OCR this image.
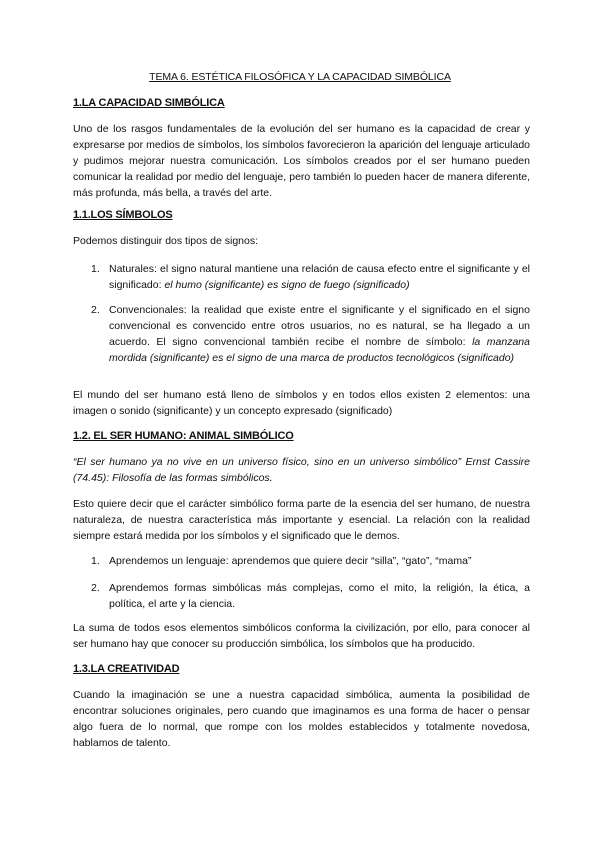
TEMA 6. ESTÉTICA FILOSÓFICA Y LA CAPACIDAD SIMBÓLICA
1.LA CAPACIDAD SIMBÓLICA
Uno de los rasgos fundamentales de la evolución del ser humano es la capacidad de crear y expresarse por medios de símbolos, los símbolos favorecieron la aparición del lenguaje articulado y pudimos mejorar nuestra comunicación. Los símbolos creados por el ser humano pueden comunicar la realidad por medio del lenguaje, pero también lo pueden hacer de manera diferente, más profunda, más bella, a través del arte.
1.1.LOS SÍMBOLOS
Podemos distinguir dos tipos de signos:
1. Naturales: el signo natural mantiene una relación de causa efecto entre el significante y el significado: el humo (significante) es signo de fuego (significado)
2. Convencionales: la realidad que existe entre el significante y el significado en el signo convencional es convencido entre otros usuarios, no es natural, se ha llegado a un acuerdo. El signo convencional también recibe el nombre de símbolo: la manzana mordida (significante) es el signo de una marca de productos tecnológicos (significado)
El mundo del ser humano está lleno de símbolos y en todos ellos existen 2 elementos: una imagen o sonido (significante) y un concepto expresado (significado)
1.2. EL SER HUMANO: ANIMAL SIMBÓLICO
“El ser humano ya no vive en un universo físico, sino en un universo simbólico” Ernst Cassire (74.45): Filosofía de las formas simbólicos.
Esto quiere decir que el carácter simbólico forma parte de la esencia del ser humano, de nuestra naturaleza, de nuestra característica más importante y esencial. La relación con la realidad siempre estará medida por los símbolos y el significado que le demos.
1. Aprendemos un lenguaje: aprendemos que quiere decir “silla”, “gato”, “mama”
2. Aprendemos formas simbólicas más complejas, como el mito, la religión, la ética, a política, el arte y la ciencia.
La suma de todos esos elementos simbólicos conforma la civilización, por ello, para conocer al ser humano hay que conocer su producción simbólica, los símbolos que ha producido.
1.3.LA CREATIVIDAD
Cuando la imaginación se une a nuestra capacidad simbólica, aumenta la posibilidad de encontrar soluciones originales, pero cuando que imaginamos es una forma de hacer o pensar algo fuera de lo normal, que rompe con los moldes establecidos y totalmente novedosa, hablamos de talento.
